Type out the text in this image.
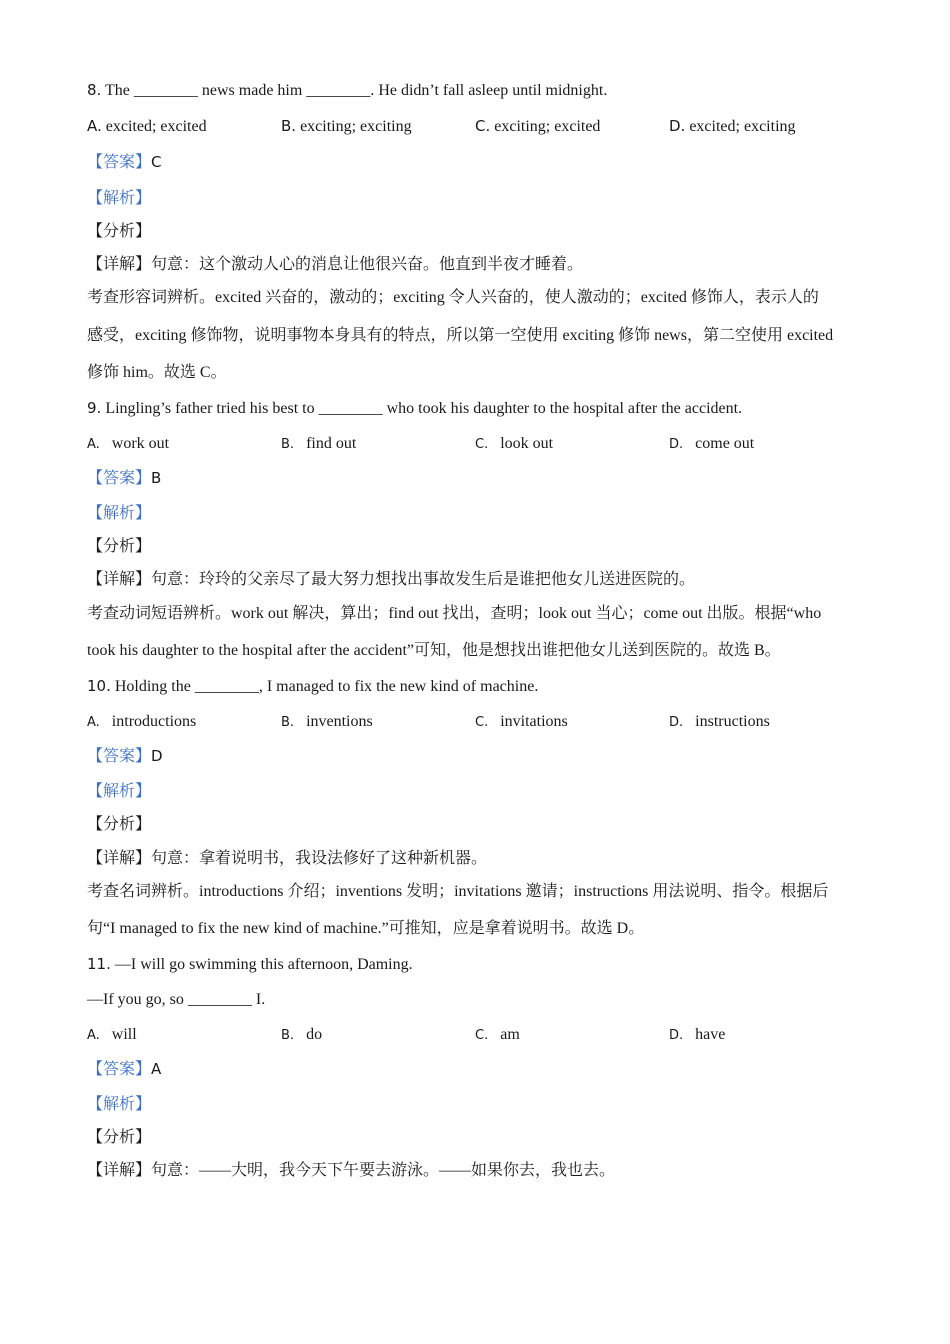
8. The ________ news made him ________. He didn’t fall asleep until midnight.
A. excited; excited	B. exciting; exciting	C. exciting; excited	D. excited; exciting
【答案】C
【解析】
【分析】
【详解】句意：这个激动人心的消息让他很兴奋。他直到半夜才睡着。
考查形容词辨析。excited 兴奋的，激动的；exciting 令人兴奋的，使人激动的；excited 修饰人，表示人的
感受，exciting 修饰物，说明事物本身具有的特点，所以第一空使用 exciting 修饰 news，第二空使用 excited
修饰 him。故选 C。
9. Lingling’s father tried his best to ________ who took his daughter to the hospital after the accident.
A. work out	B. find out	C. look out	D. come out
【答案】B
【解析】
【分析】
【详解】句意：玲玲的父亲尽了最大努力想找出事故发生后是谁把他女儿送进医院的。
考查动词短语辨析。work out 解决，算出；find out 找出，查明；look out 当心；come out 出版。根据“who
took his daughter to the hospital after the accident”可知，他是想找出谁把他女儿送到医院的。故选 B。
10. Holding the ________, I managed to fix the new kind of machine.
A. introductions	B. inventions	C. invitations	D. instructions
【答案】D
【解析】
【分析】
【详解】句意：拿着说明书，我设法修好了这种新机器。
考查名词辨析。introductions 介绍；inventions 发明；invitations 邀请；instructions 用法说明、指令。根据后
句“I managed to fix the new kind of machine.”可推知，应是拿着说明书。故选 D。
11. —I will go swimming this afternoon, Daming.
—If you go, so ________ I.
A. will	B. do	C. am	D. have
【答案】A
【解析】
【分析】
【详解】句意：——大明，我今天下午要去游泳。——如果你去，我也去。
